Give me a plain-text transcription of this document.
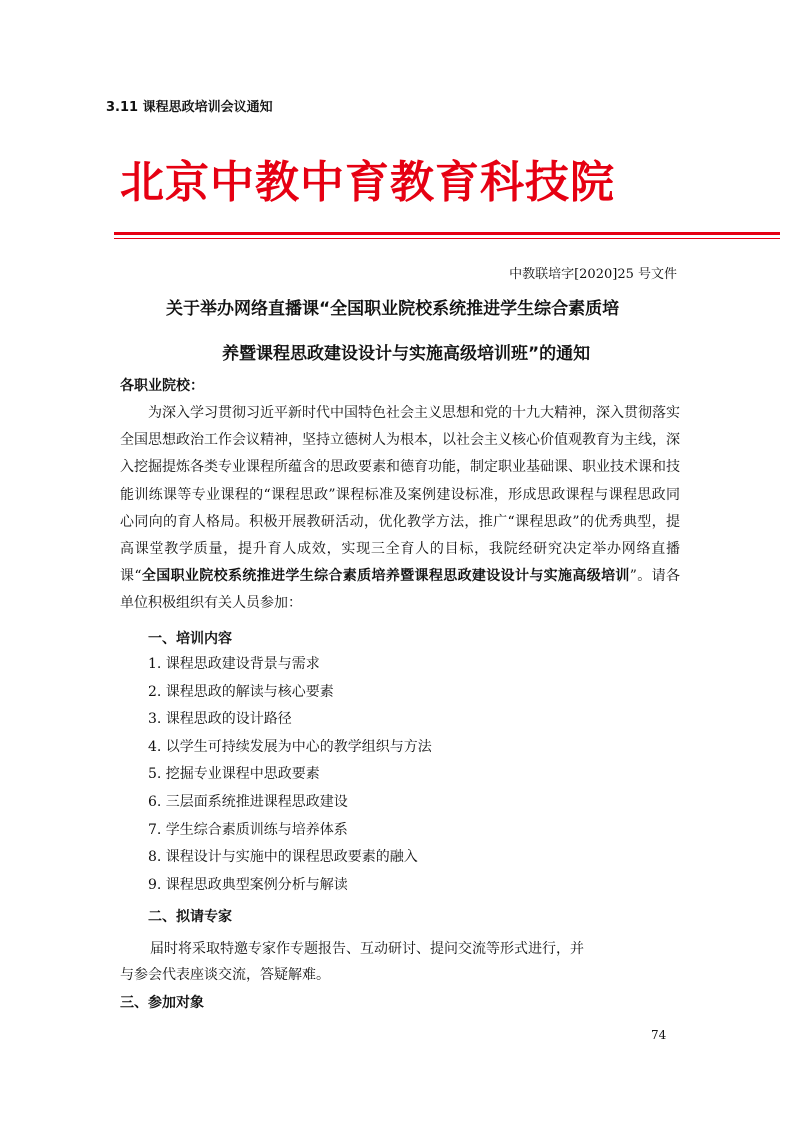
3.11 课程思政培训会议通知
北京中教中育教育科技院
中教联培字[2020]25 号文件
关于举办网络直播课“全国职业院校系统推进学生综合素质培
养暨课程思政建设设计与实施高级培训班”的通知
各职业院校：
为深入学习贯彻习近平新时代中国特色社会主义思想和党的十九大精神，深入贯彻落实全国思想政治工作会议精神，坚持立德树人为根本，以社会主义核心价值观教育为主线，深入挖掘提炼各类专业课程所蕴含的思政要素和德育功能，制定职业基础课、职业技术课和技能训练课等专业课程的“课程思政”课程标准及案例建设标准，形成思政课程与课程思政同心同向的育人格局。积极开展教研活动，优化教学方法，推广“课程思政”的优秀典型，提高课堂教学质量，提升育人成效，实现三全育人的目标，我院经研究决定举办网络直播课“全国职业院校系统推进学生综合素质培养暨课程思政建设设计与实施高级培训”。请各单位积极组织有关人员参加：
一、培训内容
1. 课程思政建设背景与需求
2. 课程思政的解读与核心要素
3. 课程思政的设计路径
4. 以学生可持续发展为中心的教学组织与方法
5. 挖掘专业课程中思政要素
6. 三层面系统推进课程思政建设
7. 学生综合素质训练与培养体系
8. 课程设计与实施中的课程思政要素的融入
9. 课程思政典型案例分析与解读
二、拟请专家
届时将采取特邀专家作专题报告、互动研讨、提问交流等形式进行，并
与参会代表座谈交流，答疑解难。
三、参加对象
74
